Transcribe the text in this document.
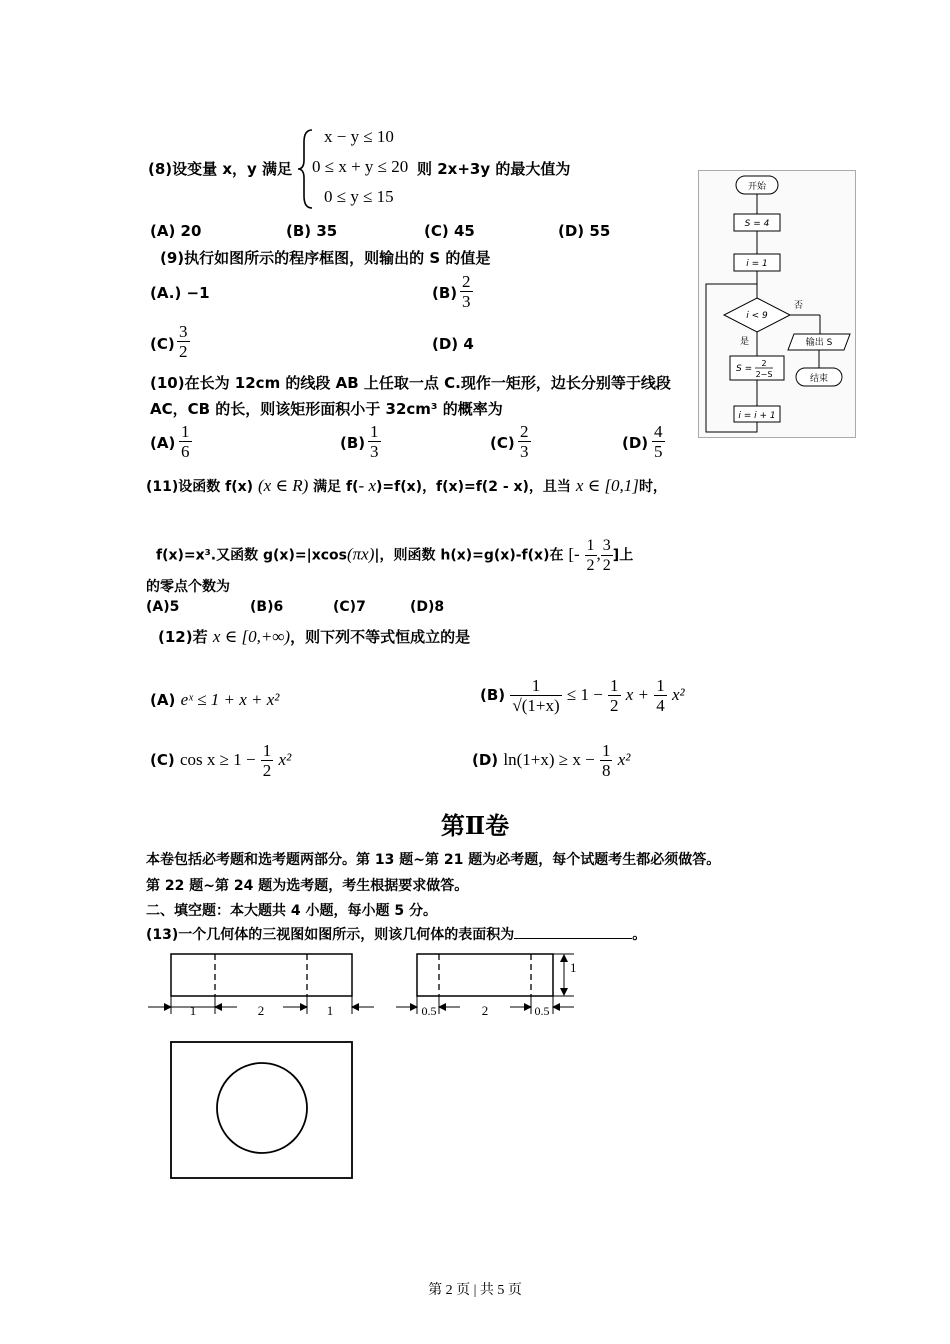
(8)设变量 x，y 满足
x − y ≤ 10
0 ≤ x + y ≤ 20
0 ≤ y ≤ 15
则 2x+3y 的最大值为
(A) 20	(B) 35	(C) 45	(D) 55
(9)执行如图所示的程序框图，则输出的 S 的值是
(A.) −1	$(B) \frac{2}{3}$
$(C) \frac{3}{2}$	(D) 4
开始
S = 4
i = 1
i < 9
否
输出 S
结束
是
S =
2
2−S
i = i + 1
(10)在长为 12cm 的线段 AB 上任取一点 C.现作一矩形，边长分别等于线段
AC，CB 的长，则该矩形面积小于 32cm³ 的概率为
$(A) \frac{1}{6}$	$(B) \frac{1}{3}$	$(C) \frac{2}{3}$	$(D) \frac{4}{5}$
(11)设函数 f(x) (x ∈ R) 满足 f(- x)=f(x)，f(x)=f(2 - x)，且当 x ∈ [0,1]时，
f(x)=x³.又函数 g(x)=|xcos(πx)|，则函数 h(x)=g(x)-f(x)在 [- $\frac{1}{2}$ , $\frac{3}{2}$ ]上
的零点个数为
(A)5	(B)6	(C)7	(D)8
(12)若 x ∈ [0,+∞)，则下列不等式恒成立的是
(A) eˣ ≤ 1 + x + x²	$(B) \frac{1}{√(1+x)} \le 1 - \frac{1}{2}$ $x + \frac{1}{4} x^2$
(C) $\cos x \ge 1 - \frac{1}{2} x^2$	(D) $\ln(1+x) \ge x - \frac{1}{8} x^2$
第Ⅱ卷
本卷包括必考题和选考题两部分。第 13 题~第 21 题为必考题，每个试题考生都必须做答。
第 22 题~第 24 题为选考题，考生根据要求做答。
二、填空题：本大题共 4 小题，每小题 5 分。
(13)一个几何体的三视图如图所示，则该几何体的表面积为	。
1	2	1	0.5	2	0.5
1
第 2 页 | 共 5 页
